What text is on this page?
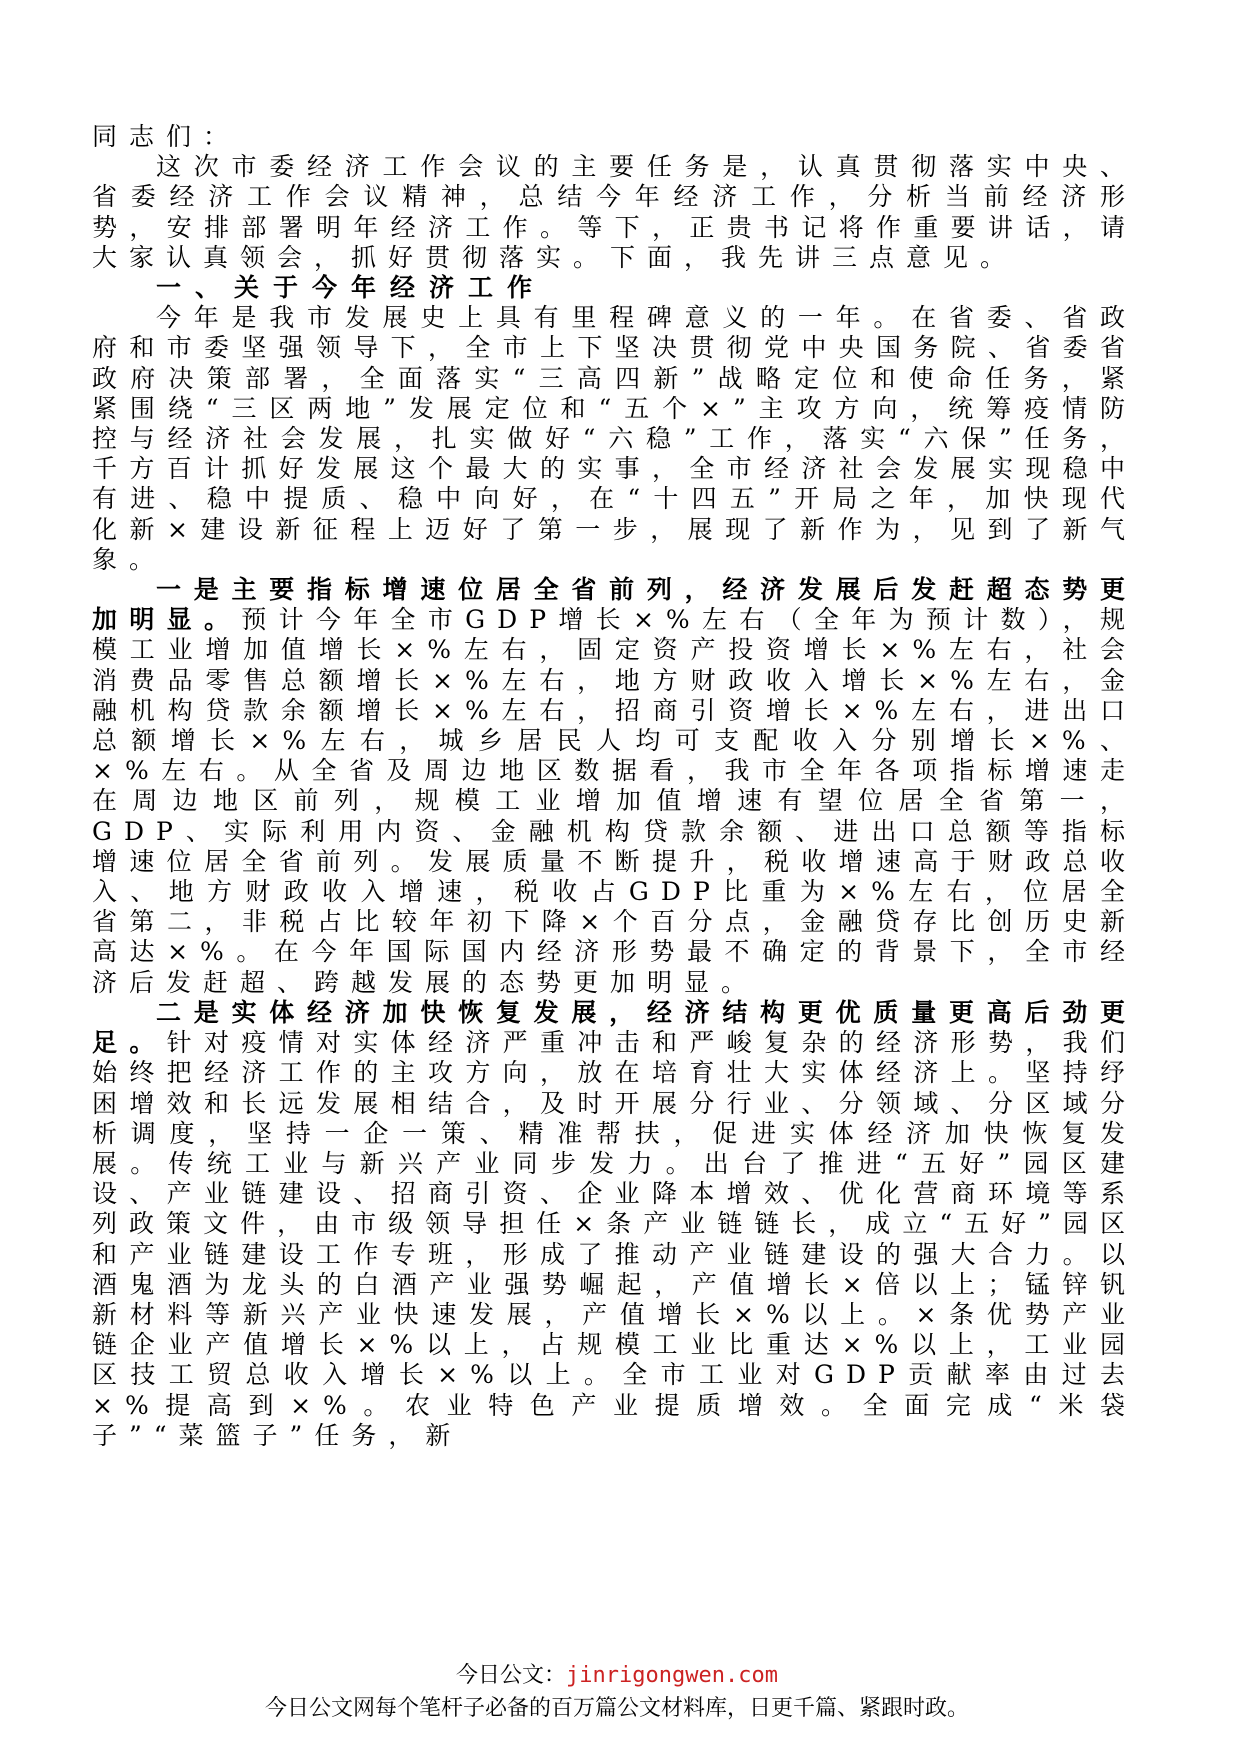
同志们：

这次市委经济工作会议的主要任务是，认真贯彻落实中央、省委经济工作会议精神，总结今年经济工作，分析当前经济形势，安排部署明年经济工作。等下，正贵书记将作重要讲话，请大家认真领会，抓好贯彻落实。下面，我先讲三点意见。

一、关于今年经济工作

今年是我市发展史上具有里程碑意义的一年。在省委、省政府和市委坚强领导下，全市上下坚决贯彻党中央国务院、省委省政府决策部署，全面落实“三高四新”战略定位和使命任务，紧紧围绕“三区两地”发展定位和“五个×”主攻方向，统筹疫情防控与经济社会发展，扎实做好“六稳”工作，落实“六保”任务，千方百计抓好发展这个最大的实事，全市经济社会发展实现稳中有进、稳中提质、稳中向好，在“十四五”开局之年，加快现代化新×建设新征程上迈好了第一步，展现了新作为，见到了新气象。

一是主要指标增速位居全省前列，经济发展后发赶超态势更加明显。预计今年全市GDP增长×%左右（全年为预计数），规模工业增加值增长×%左右，固定资产投资增长×%左右，社会消费品零售总额增长×%左右，地方财政收入增长×%左右，金融机构贷款余额增长×%左右，招商引资增长×%左右，进出口总额增长×%左右，城乡居民人均可支配收入分别增长×%、×%左右。从全省及周边地区数据看，我市全年各项指标增速走在周边地区前列，规模工业增加值增速有望位居全省第一，GDP、实际利用内资、金融机构贷款余额、进出口总额等指标增速位居全省前列。发展质量不断提升，税收增速高于财政总收入、地方财政收入增速，税收占GDP比重为×%左右，位居全省第二，非税占比较年初下降×个百分点，金融贷存比创历史新高达×%。在今年国际国内经济形势最不确定的背景下，全市经济后发赶超、跨越发展的态势更加明显。

二是实体经济加快恢复发展，经济结构更优质量更高后劲更足。针对疫情对实体经济严重冲击和严峻复杂的经济形势，我们始终把经济工作的主攻方向，放在培育壮大实体经济上。坚持纾困增效和长远发展相结合，及时开展分行业、分领域、分区域分析调度，坚持一企一策、精准帮扶，促进实体经济加快恢复发展。传统工业与新兴产业同步发力。出台了推进“五好”园区建设、产业链建设、招商引资、企业降本增效、优化营商环境等系列政策文件，由市级领导担任×条产业链链长，成立“五好”园区和产业链建设工作专班，形成了推动产业链建设的强大合力。以酒鬼酒为龙头的白酒产业强势崛起，产值增长×倍以上；锰锌钒新材料等新兴产业快速发展，产值增长×%以上。×条优势产业链企业产值增长×%以上，占规模工业比重达×%以上，工业园区技工贸总收入增长×%以上。全市工业对GDP贡献率由过去×%提高到×%。农业特色产业提质增效。全面完成“米袋子”“菜篮子”任务，新

今日公文：jinrigongwen.com
今日公文网每个笔杆子必备的百万篇公文材料库，日更千篇、紧跟时政。
